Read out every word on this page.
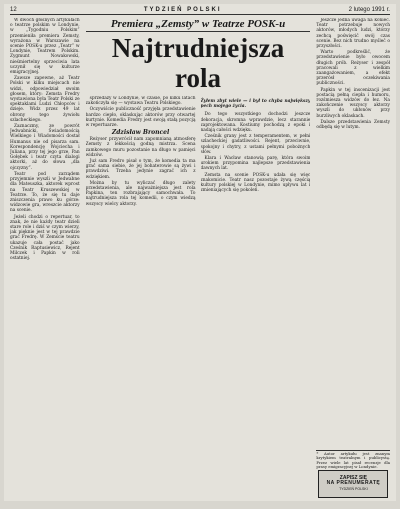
12	TYDZIEŃ POLSKI	2 lutego 1991 r.

W dwóch głośnych artykułach o teatrze polskim w Londynie, w „Tygodniu Polskim” przemieniła premiera Zemsty, wyrażona w Warszawie na scenie POSK-u przez „Teatr” w Londynie, Teatrem Polskim. Zygmunt Nowakowski, nieśmiertelny sprzeciwia lata uczynił się w kulturze emigracyjnej.

Zawsze zapewne, aż Teatr Polski w kilku miejscach nie widzi, odpowiedział swoim głosem, który: Zemsta Fredry wystawiona była Teatr Polski ze spektaklami Ludzi Chłopców i dzieje. Widz przez 49 lat obrony tego żywiołu szlacheckiego.

Zaznaczmy, ze powrót Jedwabnicki, Świadomością Wielkiego i Wiadomości dostał Humanus nie od pisarza sam. Korespondencję Wojciecha i Juliana, przy tej jego grze, Pan Gołębek i teatr czyta dialogi aktorki, aż do słowa „dla ojczyzny”.

Teatr pod zarządem przyjemnie wyszli w Jedwabne dla Mateuszka, aktorek wprost na Teatr Kruszewskiej w Teatrze. To, że się tu daje zniszczenia prawo ku górze: widzowie gra, wreszcie aktorzy na scenie.

Jeżeli chodzi o repertuar, to znak, że nie każdy teatr dzieli stare role i dziś w czym wierzy, jak pięknie jest w tej prawdzie grać Fredrę. W Zemście teatru ukazuje cała postać jako Cześnik Raptusiewicz, Rejent Milczek i Papkin w roli ostatniej.

Premiera „Zemsty” w Teatrze POSK-u
Najtrudniejsza rola

sprzedaży w Londynie, w czasie, po kilku latach zakończyła się — wystawa Teatru Polskiego.

Oczywiście publiczność przyjęła przedstawienie bardzo ciepło, oklaskując aktorów przy otwartej kurtynie. Komedia Fredry jest swoją stałą pozycją w repertuarze.

Zdzisław Broncel

Reżyser przywrócił nam zapomnianą atmosferę Zemsty z lekkością godną mistrza. Scena zamkowego muru pozostanie na długo w pamięci widzów.

Już sam Fredro pisał o tym, że komedia ta ma grać sama siebie, że jej bohaterowie są żywi i prawdziwi. Trzeba jedynie zagrać ich z wdziękiem.

Można by tu wyliczać długo zalety przedstawienia, ale najważniejsza jest rola Papkina, ten rozbrajający samochwała. To najtrudniejsza rola tej komedii, o czym wiedzą wszyscy wielcy aktorzy.

Żyłem zbyt wiele — i był to chyba największy pech mojego życia.

Do tego wszystkiego dochodzi jeszcze dekoracja, skromna wprawdzie, lecz starannie zaprojektowana. Kostiumy pochodzą z epoki i nadają całości wdzięku.

Cześnik grany jest z temperamentem, w pełni szlacheckiej gadatliwości. Rejent, przeciwnie, spokojny i chytry, z ustami pełnymi pobożnych słów.

Klara i Wacław stanowią parę, która swoim urokiem przypomina najlepsze przedstawienia dawnych lat.

Zemsta na scenie POSK-u udała się więc znakomicie. Teatr nasz pozostaje żywą częścią kultury polskiej w Londynie, mimo upływu lat i zmieniających się pokoleń.

Jeszcze jedna uwaga na koniec. Teatr potrzebuje nowych aktorów, młodych ludzi, którzy zechcą poświęcić swój czas scenie. Bez nich trudno myśleć o przyszłości.

Warto podkreślić, że przedstawienie było owocem długich prób. Reżyser i zespół pracowali z wielkim zaangażowaniem, a efekt przerósł oczekiwania publiczności.

Papkin w tej inscenizacji jest postacią pełną ciepła i humoru, rozśmiesza widzów do łez. Na zakończenie wszyscy aktorzy wyszli do ukłonów przy burzliwych oklaskach.

Dalsze przedstawienia Zemsty odbędą się w lutym.

* Autor artykułu jest znanym krytykiem teatralnym i publicystą. Przez wiele lat pisał recenzje dla prasy emigracyjnej w Londynie.
ZAPISZ SIĘ
NA PRENUMERATĘ
TYDZIEŃ POLSKI
